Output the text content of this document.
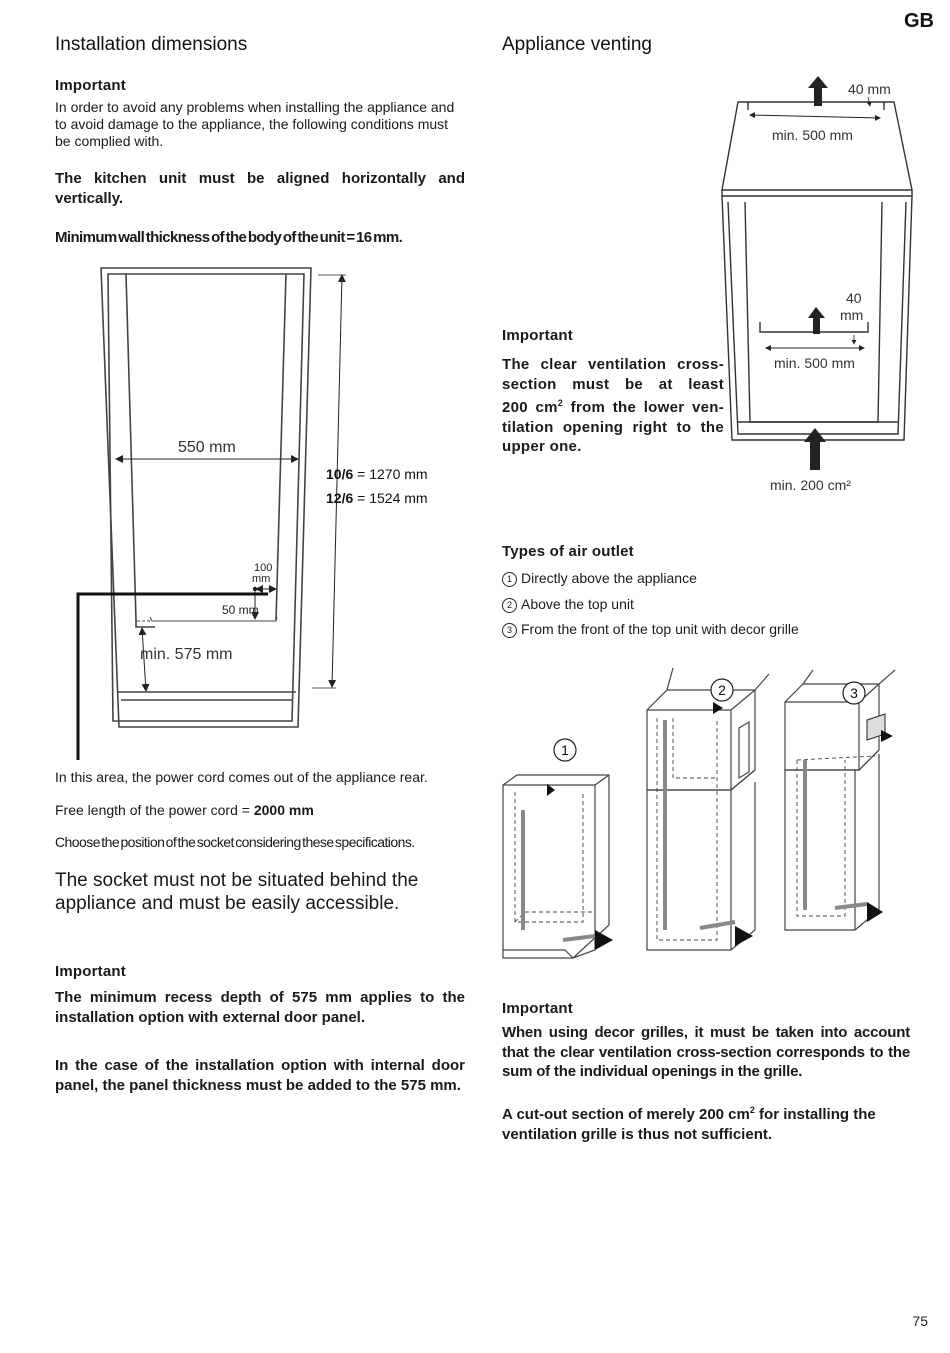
GB
Installation dimensions
Important
In order to avoid any problems when installing the appliance and to avoid damage to the appliance, the following conditions must be complied with.
The kitchen unit must be aligned horizontally and vertically.
Minimum wall thickness of the body of the unit = 16 mm.
550 mm
10/6 = 1270 mm
12/6 = 1524 mm
100
mm
50 mm
min. 575 mm
In this area, the power cord comes out of the appliance rear.
Free length of the power cord = 2000 mm
Choose the position of the socket considering these specifications.
The socket must not be situated behind the appliance and must be easily accessible.
Important
The minimum recess depth of 575 mm applies to the installation option with external door panel.
In the case of the installation option with internal door panel, the panel thickness must be added to the 575 mm.
Appliance venting
min. 500 mm
40 mm
40
mm
min. 500 mm
min. 200 cm²
Important
The clear ventilation cross-
section must be at least
200 $cm^2$ from the lower ven-
tilation opening right to the
upper one.
Types of air outlet
1 Directly above the appliance
2 Above the top unit
3 From the front of the top unit with decor grille
1
2	3
Important
When using decor grilles, it must be taken into account that the clear ventilation cross-section corresponds to the sum of the individual openings in the grille.
A cut-out section of merely 200 $cm^2$ for installing the ventilation grille is thus not sufficient.
75
